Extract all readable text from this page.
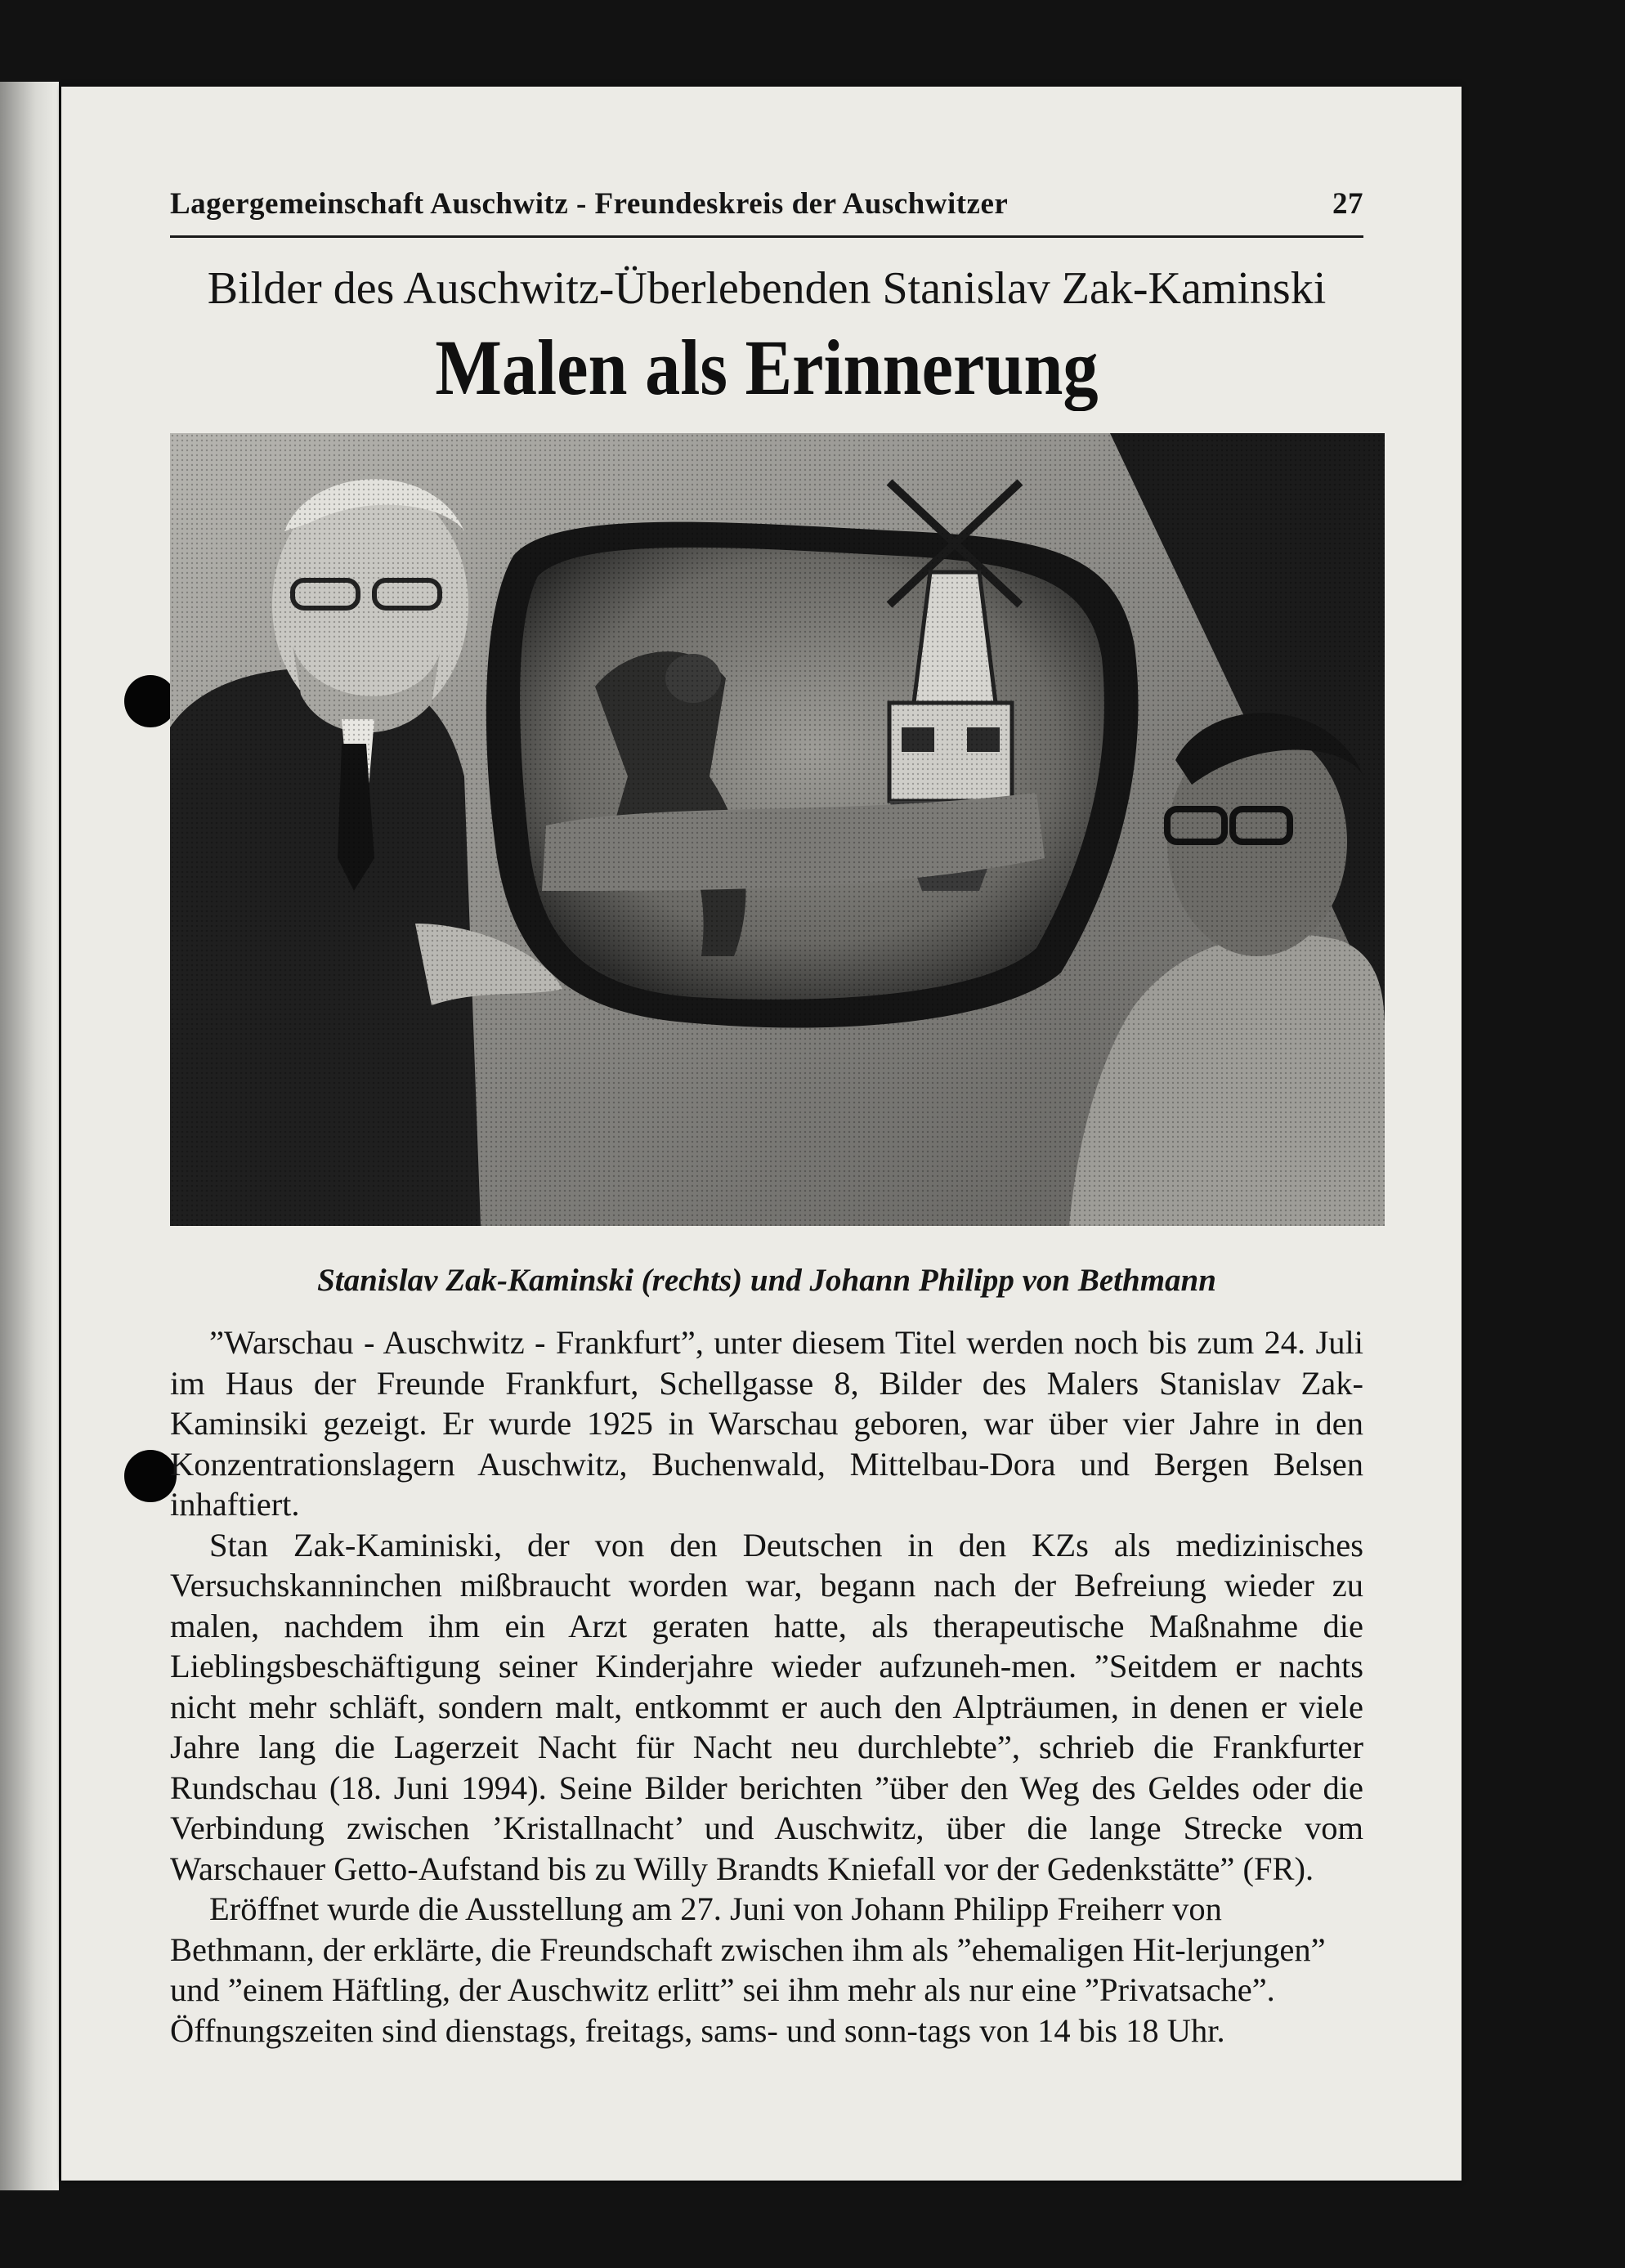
Lagergemeinschaft Auschwitz - Freundeskreis der Auschwitzer	27
Bilder des Auschwitz-Überlebenden Stanislav Zak-Kaminski
Malen als Erinnerung
Stanislav Zak-Kaminski (rechts) und Johann Philipp von Bethmann

”Warschau - Auschwitz - Frankfurt”, unter diesem Titel werden noch bis zum 24. Juli im Haus der Freunde Frankfurt, Schellgasse 8, Bilder des Malers Stanislav Zak-Kaminsiki gezeigt. Er wurde 1925 in Warschau geboren, war über vier Jahre in den Konzentrationslagern Auschwitz, Buchenwald, Mittelbau-Dora und Bergen Belsen inhaftiert.

Stan Zak-Kaminiski, der von den Deutschen in den KZs als medizinisches Versuchskanninchen mißbraucht worden war, begann nach der Befreiung wieder zu malen, nachdem ihm ein Arzt geraten hatte, als therapeutische Maßnahme die Lieblingsbeschäftigung seiner Kinderjahre wieder aufzuneh-men. ”Seitdem er nachts nicht mehr schläft, sondern malt, entkommt er auch den Alpträumen, in denen er viele Jahre lang die Lagerzeit Nacht für Nacht neu durchlebte”, schrieb die Frankfurter Rundschau (18. Juni 1994). Seine Bilder berichten ”über den Weg des Geldes oder die Verbindung zwischen ’Kristallnacht’ und Auschwitz, über die lange Strecke vom Warschauer Getto-Aufstand bis zu Willy Brandts Kniefall vor der Gedenkstätte” (FR).

Eröffnet wurde die Ausstellung am 27. Juni von Johann Philipp Freiherr von Bethmann, der erklärte, die Freundschaft zwischen ihm als ”ehemaligen Hit-lerjungen” und ”einem Häftling, der Auschwitz erlitt” sei ihm mehr als nur eine ”Privatsache”. Öffnungszeiten sind dienstags, freitags, sams- und sonn-tags von 14 bis 18 Uhr.
